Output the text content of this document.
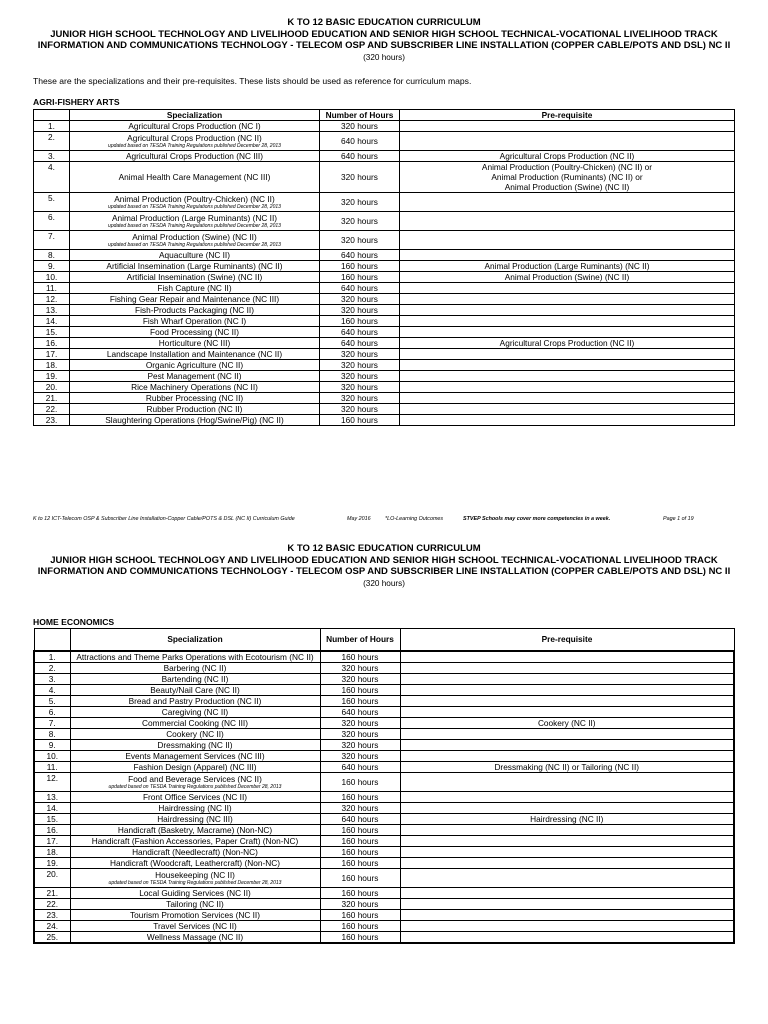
K TO 12 BASIC EDUCATION CURRICULUM
JUNIOR HIGH SCHOOL TECHNOLOGY AND LIVELIHOOD EDUCATION AND SENIOR HIGH SCHOOL TECHNICAL-VOCATIONAL LIVELIHOOD TRACK
INFORMATION AND COMMUNICATIONS TECHNOLOGY - TELECOM OSP AND SUBSCRIBER LINE INSTALLATION (COPPER CABLE/POTS AND DSL) NC II
(320 hours)
These are the specializations and their pre-requisites. These lists should be used as reference for curriculum maps.
AGRI-FISHERY ARTS
	Specialization	Number of Hours	Pre-requisite
1.	Agricultural Crops Production (NC I)	320 hours	
2.	Agricultural Crops Production (NC II)
updated based on TESDA Training Regulations published December 28, 2013	640 hours	
3.	Agricultural Crops Production (NC III)	640 hours	Agricultural Crops Production (NC II)

4.	Animal Health Care Management (NC III)	320 hours	Animal Production (Poultry-Chicken) (NC II) or
Animal Production (Ruminants) (NC II) or
Animal Production (Swine) (NC II)

5.	Animal Production (Poultry-Chicken) (NC II)
updated based on TESDA Training Regulations published December 28, 2013	320 hours	
6.	Animal Production (Large Ruminants) (NC II)
updated based on TESDA Training Regulations published December 28, 2013	320 hours	
7.	Animal Production (Swine) (NC II)
updated based on TESDA Training Regulations published December 28, 2013	320 hours	
8.	Aquaculture (NC II)	640 hours	
9.	Artificial Insemination (Large Ruminants) (NC II)	160 hours	Animal Production (Large Ruminants) (NC II)

10.	Artificial Insemination (Swine) (NC II)	160 hours	Animal Production (Swine) (NC II)

11.	Fish Capture (NC II)	640 hours	
12.	Fishing Gear Repair and Maintenance (NC III)	320 hours	
13.	Fish-Products Packaging (NC II)	320 hours	
14.	Fish Wharf Operation (NC I)	160 hours	
15.	Food Processing (NC II)	640 hours	
16.	Horticulture (NC III)	640 hours	Agricultural Crops Production (NC II)

17.	Landscape Installation and Maintenance (NC II)	320 hours	
18.	Organic Agriculture (NC II)	320 hours	
19.	Pest Management (NC II)	320 hours	
20.	Rice Machinery Operations (NC II)	320 hours	
21.	Rubber Processing (NC II)	320 hours	
22.	Rubber Production (NC II)	320 hours	
23.	Slaughtering Operations (Hog/Swine/Pig) (NC II)	160 hours	
K to 12 ICT-Telecom OSP & Subscriber Line Installation-Copper Cable/POTS & DSL (NC II) Curriculum Guide	May 2016	*LO-Learning Outcomes	STVEP Schools may cover more competencies in a week.	Page 1 of 19
K TO 12 BASIC EDUCATION CURRICULUM
JUNIOR HIGH SCHOOL TECHNOLOGY AND LIVELIHOOD EDUCATION AND SENIOR HIGH SCHOOL TECHNICAL-VOCATIONAL LIVELIHOOD TRACK
INFORMATION AND COMMUNICATIONS TECHNOLOGY - TELECOM OSP AND SUBSCRIBER LINE INSTALLATION (COPPER CABLE/POTS AND DSL) NC II
(320 hours)
HOME ECONOMICS
	Specialization	Number of Hours	Pre-requisite
1.	Attractions and Theme Parks Operations with Ecotourism (NC II)	160 hours	
2.	Barbering (NC II)	320 hours	
3.	Bartending (NC II)	320 hours	
4.	Beauty/Nail Care (NC II)	160 hours	
5.	Bread and Pastry Production (NC II)	160 hours	
6.	Caregiving (NC II)	640 hours	
7.	Commercial Cooking (NC III)	320 hours	Cookery (NC II)

8.	Cookery (NC II)	320 hours	
9.	Dressmaking (NC II)	320 hours	
10.	Events Management Services (NC III)	320 hours	
11.	Fashion Design (Apparel) (NC III)	640 hours	Dressmaking (NC II) or Tailoring (NC II)

12.	Food and Beverage Services (NC II)
updated based on TESDA Training Regulations published December 28, 2013	160 hours	
13.	Front Office Services (NC II)	160 hours	
14.	Hairdressing (NC II)	320 hours	
15.	Hairdressing (NC III)	640 hours	Hairdressing (NC II)

16.	Handicraft (Basketry, Macrame) (Non-NC)	160 hours	
17.	Handicraft (Fashion Accessories, Paper Craft) (Non-NC)	160 hours	
18.	Handicraft (Needlecraft) (Non-NC)	160 hours	
19.	Handicraft (Woodcraft, Leathercraft) (Non-NC)	160 hours	
20.	Housekeeping (NC II)
updated based on TESDA Training Regulations published December 28, 2013	160 hours	
21.	Local Guiding Services (NC II)	160 hours	
22.	Tailoring (NC II)	320 hours	
23.	Tourism Promotion Services (NC II)	160 hours	
24.	Travel Services (NC II)	160 hours	
25.	Wellness Massage (NC II)	160 hours	
